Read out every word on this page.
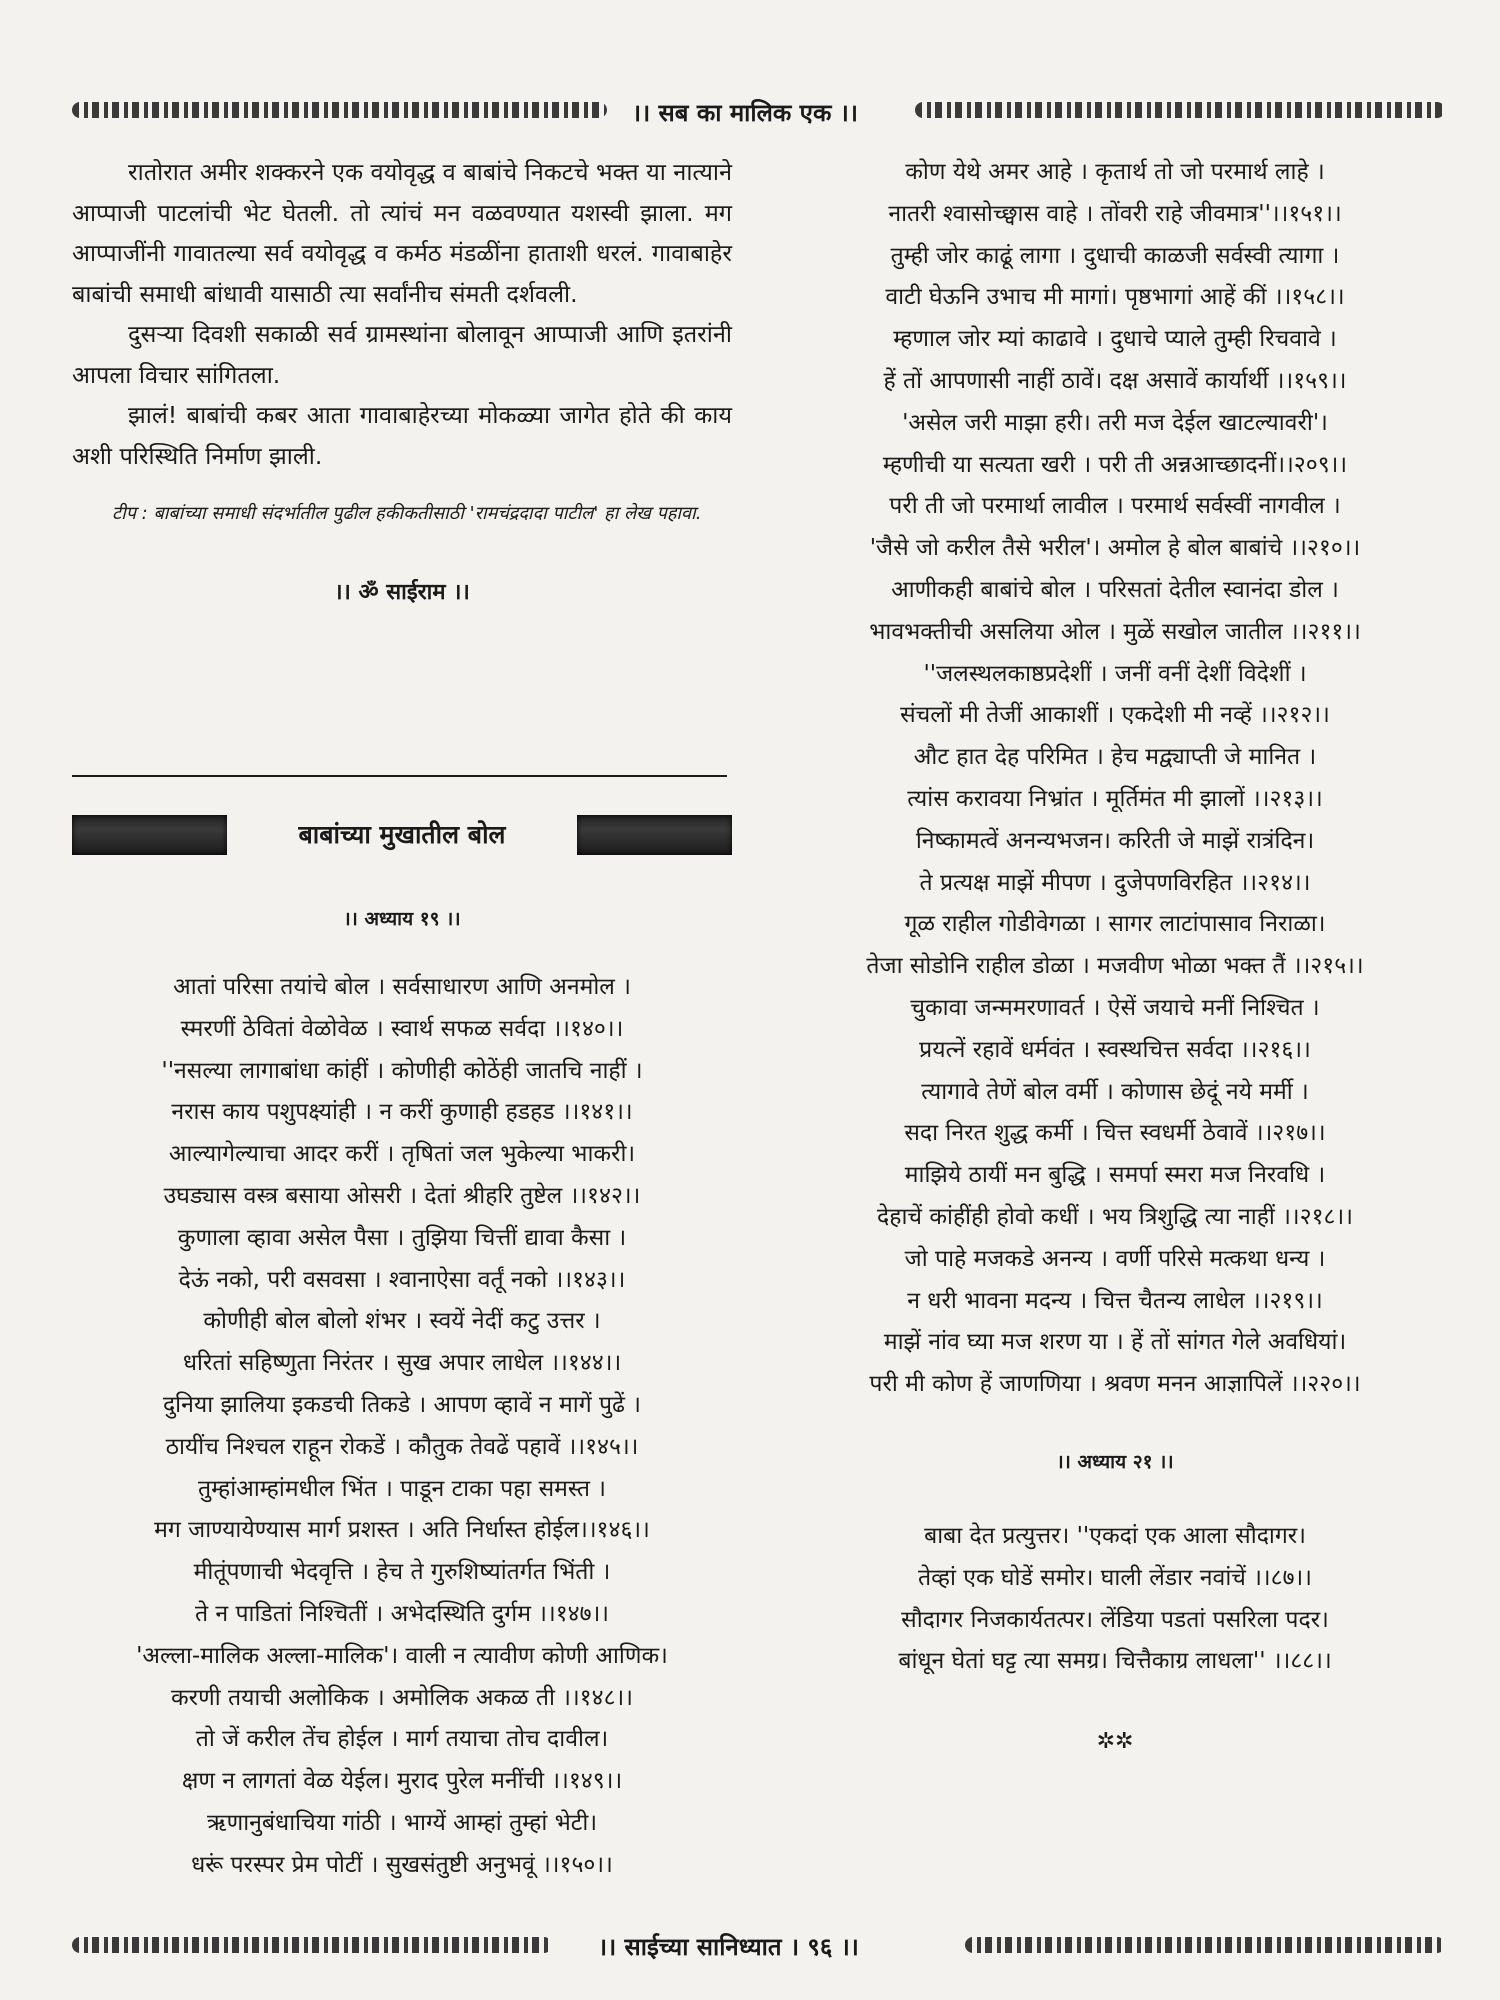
।। सब का मालिक एक ।।

रातोरात अमीर शक्करने एक वयोवृद्ध व बाबांचे निकटचे भक्त या नात्याने आप्पाजी पाटलांची भेट घेतली. तो त्यांचं मन वळवण्यात यशस्वी झाला. मग आप्पाजींनी गावातल्या सर्व वयोवृद्ध व कर्मठ मंडळींना हाताशी धरलं. गावाबाहेर बाबांची समाधी बांधावी यासाठी त्या सर्वांनीच संमती दर्शवली.

दुसऱ्या दिवशी सकाळी सर्व ग्रामस्थांना बोलावून आप्पाजी आणि इतरांनी आपला विचार सांगितला.

झालं! बाबांची कबर आता गावाबाहेरच्या मोकळ्या जागेत होते की काय अशी परिस्थिति निर्माण झाली.

टीप : बाबांच्या समाधी संदर्भातील पुढील हकीकतीसाठी 'रामचंद्रदादा पाटील' हा लेख पहावा.
।। ॐ साईराम ।।
बाबांच्या मुखातील बोल
।। अध्याय १९ ।।
आतां परिसा तयांचे बोल । सर्वसाधारण आणि अनमोल ।
स्मरणीं ठेवितां वेळोवेळ । स्वार्थ सफळ सर्वदा ।।१४०।।
''नसल्या लागाबांधा कांहीं । कोणीही कोठेंही जातचि नाहीं ।
नरास काय पशुपक्ष्यांही । न करीं कुणाही हडहड ।।१४१।।
आल्यागेल्याचा आदर करीं । तृषितां जल भुकेल्या भाकरी।
उघड्यास वस्त्र बसाया ओसरी । देतां श्रीहरि तुष्टेल ।।१४२।।
कुणाला व्हावा असेल पैसा । तुझिया चित्तीं द्यावा कैसा ।
देऊं नको, परी वसवसा । श्वानाऐसा वर्तूं नको ।।१४३।।
कोणीही बोल बोलो शंभर । स्वयें नेदीं कटु उत्तर ।
धरितां सहिष्णुता निरंतर । सुख अपार लाधेल ।।१४४।।
दुनिया झालिया इकडची तिकडे । आपण व्हावें न मागें पुढें ।
ठायींच निश्चल राहून रोकडें । कौतुक तेवढें पहावें ।।१४५।।
तुम्हांआम्हांमधील भिंत । पाडून टाका पहा समस्त ।
मग जाण्यायेण्यास मार्ग प्रशस्त । अति निर्धास्त होईल।।१४६।।
मीतूंपणाची भेदवृत्ति । हेच ते गुरुशिष्यांतर्गत भिंती ।
ते न पाडितां निश्चितीं । अभेदस्थिति दुर्गम ।।१४७।।
'अल्ला-मालिक अल्ला-मालिक'। वाली न त्यावीण कोणी आणिक।
करणी तयाची अलोकिक । अमोलिक अकळ ती ।।१४८।।
तो जें करील तेंच होईल । मार्ग तयाचा तोच दावील।
क्षण न लागतां वेळ येईल। मुराद पुरेल मनींची ।।१४९।।
ऋणानुबंधाचिया गांठी । भाग्यें आम्हां तुम्हां भेटी।
धरूं परस्पर प्रेम पोटीं । सुखसंतुष्टी अनुभवूं ।।१५०।।
कोण येथे अमर आहे । कृतार्थ तो जो परमार्थ लाहे ।
नातरी श्वासोच्छ्वास वाहे । तोंवरी राहे जीवमात्र''।।१५१।।
तुम्ही जोर काढूं लागा । दुधाची काळजी सर्वस्वी त्यागा ।
वाटी घेऊनि उभाच मी मागां। पृष्ठभागां आहें कीं ।।१५८।।
म्हणाल जोर म्यां काढावे । दुधाचे प्याले तुम्ही रिचवावे ।
हें तों आपणासी नाहीं ठावें। दक्ष असावें कार्यार्थी ।।१५९।।
'असेल जरी माझा हरी। तरी मज देईल खाटल्यावरी'।
म्हणीची या सत्यता खरी । परी ती अन्नआच्छादनीं।।२०९।।
परी ती जो परमार्था लावील । परमार्थ सर्वस्वीं नागवील ।
'जैसे जो करील तैसे भरील'। अमोल हे बोल बाबांचे ।।२१०।।
आणीकही बाबांचे बोल । परिसतां देतील स्वानंदा डोल ।
भावभक्तीची असलिया ओल । मुळें सखोल जातील ।।२११।।
''जलस्थलकाष्ठप्रदेशीं । जनीं वनीं देशीं विदेशीं ।
संचलों मी तेजीं आकाशीं । एकदेशी मी नव्हें ।।२१२।।
औट हात देह परिमित । हेच मद्व्याप्ती जे मानित ।
त्यांस करावया निभ्रांत । मूर्तिमंत मी झालों ।।२१३।।
निष्कामत्वें अनन्यभजन। करिती जे माझें रात्रंदिन।
ते प्रत्यक्ष माझें मीपण । दुजेपणविरहित ।।२१४।।
गूळ राहील गोडीवेगळा । सागर लाटांपासाव निराळा।
तेजा सोडोनि राहील डोळा । मजवीण भोळा भक्त तैं ।।२१५।।
चुकावा जन्ममरणावर्त । ऐसें जयाचे मनीं निश्चित ।
प्रयत्नें रहावें धर्मवंत । स्वस्थचित्त सर्वदा ।।२१६।।
त्यागावे तेणें बोल वर्मी । कोणास छेदूं नये मर्मी ।
सदा निरत शुद्ध कर्मी । चित्त स्वधर्मी ठेवावें ।।२१७।।
माझिये ठायीं मन बुद्धि । समर्पा स्मरा मज निरवधि ।
देहाचें कांहींही होवो कधीं । भय त्रिशुद्धि त्या नाहीं ।।२१८।।
जो पाहे मजकडे अनन्य । वर्णी परिसे मत्कथा धन्य ।
न धरी भावना मदन्य । चित्त चैतन्य लाधेल ।।२१९।।
माझें नांव घ्या मज शरण या । हें तों सांगत गेले अवधियां।
परी मी कोण हें जाणणिया । श्रवण मनन आज्ञापिलें ।।२२०।।
।। अध्याय २१ ।।
बाबा देत प्रत्युत्तर। ''एकदां एक आला सौदागर।
तेव्हां एक घोडें समोर। घाली लेंडार नवांचें ।।८७।।
सौदागर निजकार्यतत्पर। लेंडिया पडतां पसरिला पदर।
बांधून घेतां घट्ट त्या समग्र। चित्तैकाग्र लाधला'' ।।८८।।
✲✲
।। साईच्या सानिध्यात । ९६ ।।
